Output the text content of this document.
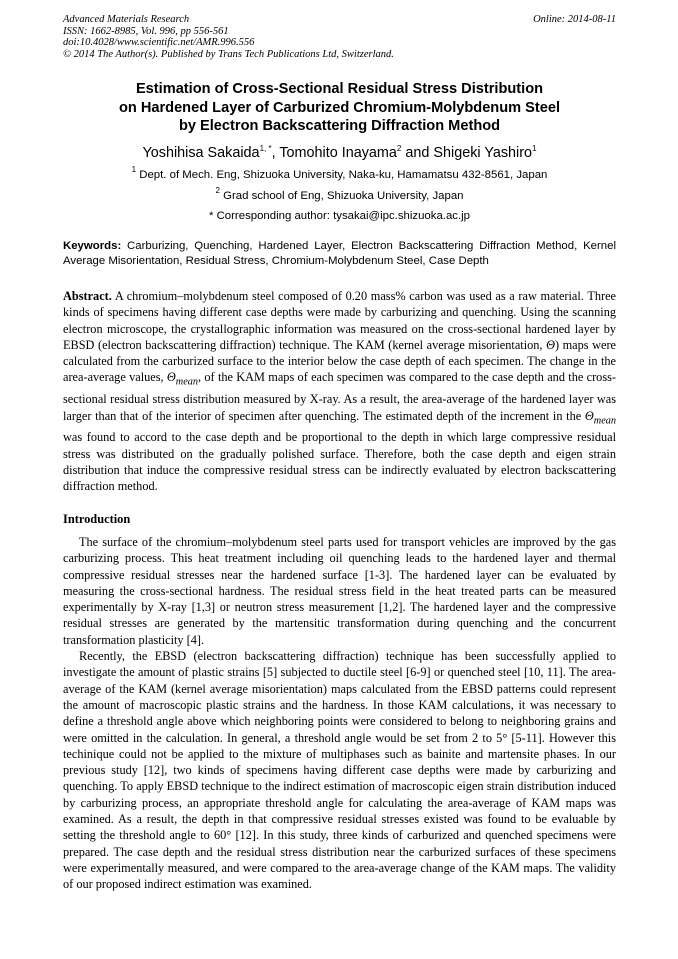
Advanced Materials Research
ISSN: 1662-8985, Vol. 996, pp 556-561
doi:10.4028/www.scientific.net/AMR.996.556
© 2014 The Author(s). Published by Trans Tech Publications Ltd, Switzerland.
Online: 2014-08-11
Estimation of Cross-Sectional Residual Stress Distribution
on Hardened Layer of Carburized Chromium-Molybdenum Steel
by Electron Backscattering Diffraction Method
Yoshihisa Sakaida$^{1, *}$, Tomohito Inayama$^2$ and Shigeki Yashiro$^1$
$^1$ Dept. of Mech. Eng, Shizuoka University, Naka-ku, Hamamatsu 432-8561, Japan
$^2$ Grad school of Eng, Shizuoka University, Japan
* Corresponding author: tysakai@ipc.shizuoka.ac.jp
Keywords: Carburizing, Quenching, Hardened Layer, Electron Backscattering Diffraction Method, Kernel Average Misorientation, Residual Stress, Chromium-Molybdenum Steel, Case Depth
Abstract. A chromium–molybdenum steel composed of 0.20 mass% carbon was used as a raw material. Three kinds of specimens having different case depths were made by carburizing and quenching. Using the scanning electron microscope, the crystallographic information was measured on the cross-sectional hardened layer by EBSD (electron backscattering diffraction) technique. The KAM (kernel average misorientation, Θ) maps were calculated from the carburized surface to the interior below the case depth of each specimen. The change in the area-average values, $\Theta_{mean}$, of the KAM maps of each specimen was compared to the case depth and the cross-sectional residual stress distribution measured by X-ray. As a result, the area-average of the hardened layer was larger than that of the interior of specimen after quenching. The estimated depth of the increment in the $\Theta_{mean}$ was found to accord to the case depth and be proportional to the depth in which large compressive residual stress was distributed on the gradually polished surface. Therefore, both the case depth and eigen strain distribution that induce the compressive residual stress can be indirectly evaluated by electron backscattering diffraction method.
Introduction

The surface of the chromium–molybdenum steel parts used for transport vehicles are improved by the gas carburizing process. This heat treatment including oil quenching leads to the hardened layer and thermal compressive residual stresses near the hardened surface [1-3]. The hardened layer can be evaluated by measuring the cross-sectional hardness. The residual stress field in the heat treated parts can be measured experimentally by X-ray [1,3] or neutron stress measurement [1,2]. The hardened layer and the compressive residual stresses are generated by the martensitic transformation during quenching and the concurrent transformation plasticity [4].

Recently, the EBSD (electron backscattering diffraction) technique has been successfully applied to investigate the amount of plastic strains [5] subjected to ductile steel [6-9] or quenched steel [10, 11]. The area-average of the KAM (kernel average misorientation) maps calculated from the EBSD patterns could represent the amount of macroscopic plastic strains and the hardness. In those KAM calculations, it was necessary to define a threshold angle above which neighboring points were considered to belong to neighboring grains and were omitted in the calculation. In general, a threshold angle would be set from 2 to 5° [5-11]. However this techinique could not be applied to the mixture of multiphases such as bainite and martensite phases. In our previous study [12], two kinds of specimens having different case depths were made by carburizing and quenching. To apply EBSD technique to the indirect estimation of macroscopic eigen strain distribution induced by carburizing process, an appropriate threshold angle for calculating the area-average of KAM maps was examined. As a result, the depth in that compressive residual stresses existed was found to be evaluable by setting the threshold angle to 60° [12]. In this study, three kinds of carburized and quenched specimens were prepared. The case depth and the residual stress distribution near the carburized surfaces of these specimens were experimentally measured, and were compared to the area-average change of the KAM maps. The validity of our proposed indirect estimation was examined.
